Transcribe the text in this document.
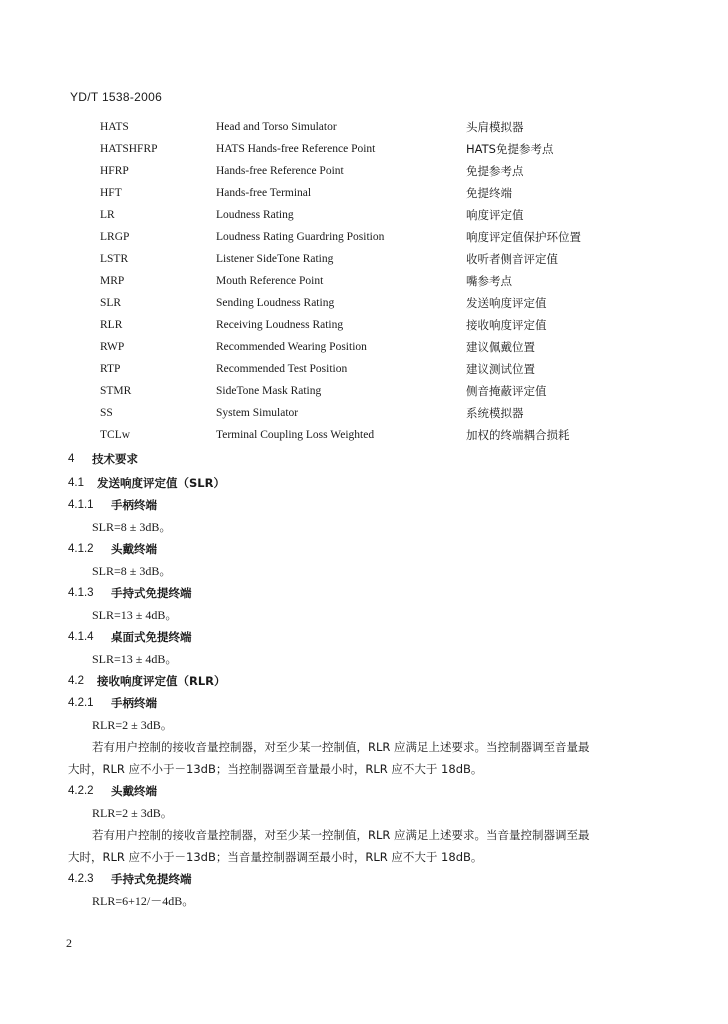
YD/T 1538-2006
HATS	Head and Torso Simulator	头肩模拟器
HATSHFRP	HATS Hands-free Reference Point	HATS免提参考点
HFRP	Hands-free Reference Point	免提参考点
HFT	Hands-free Terminal	免提终端
LR	Loudness Rating	响度评定值
LRGP	Loudness Rating Guardring Position	响度评定值保护环位置
LSTR	Listener SideTone Rating	收听者侧音评定值
MRP	Mouth Reference Point	嘴参考点
SLR	Sending Loudness Rating	发送响度评定值
RLR	Receiving Loudness Rating	接收响度评定值
RWP	Recommended Wearing Position	建议佩戴位置
RTP	Recommended Test Position	建议测试位置
STMR	SideTone Mask Rating	侧音掩蔽评定值
SS	System Simulator	系统模拟器
TCLw	Terminal Coupling Loss Weighted	加权的终端耦合损耗
4 技术要求
4.1 发送响度评定值（SLR）
4.1.1 手柄终端
SLR=8 ± 3dB。
4.1.2 头戴终端
SLR=8 ± 3dB。
4.1.3 手持式免提终端
SLR=13 ± 4dB。
4.1.4 桌面式免提终端
SLR=13 ± 4dB。
4.2 接收响度评定值（RLR）
4.2.1 手柄终端
RLR=2 ± 3dB。
若有用户控制的接收音量控制器，对至少某一控制值，RLR 应满足上述要求。当控制器调至音量最
大时，RLR 应不小于－13dB；当控制器调至音量最小时，RLR 应不大于 18dB。
4.2.2 头戴终端
RLR=2 ± 3dB。
若有用户控制的接收音量控制器，对至少某一控制值，RLR 应满足上述要求。当音量控制器调至最
大时，RLR 应不小于－13dB；当音量控制器调至最小时，RLR 应不大于 18dB。
4.2.3 手持式免提终端
RLR=6+12/－4dB。
2
